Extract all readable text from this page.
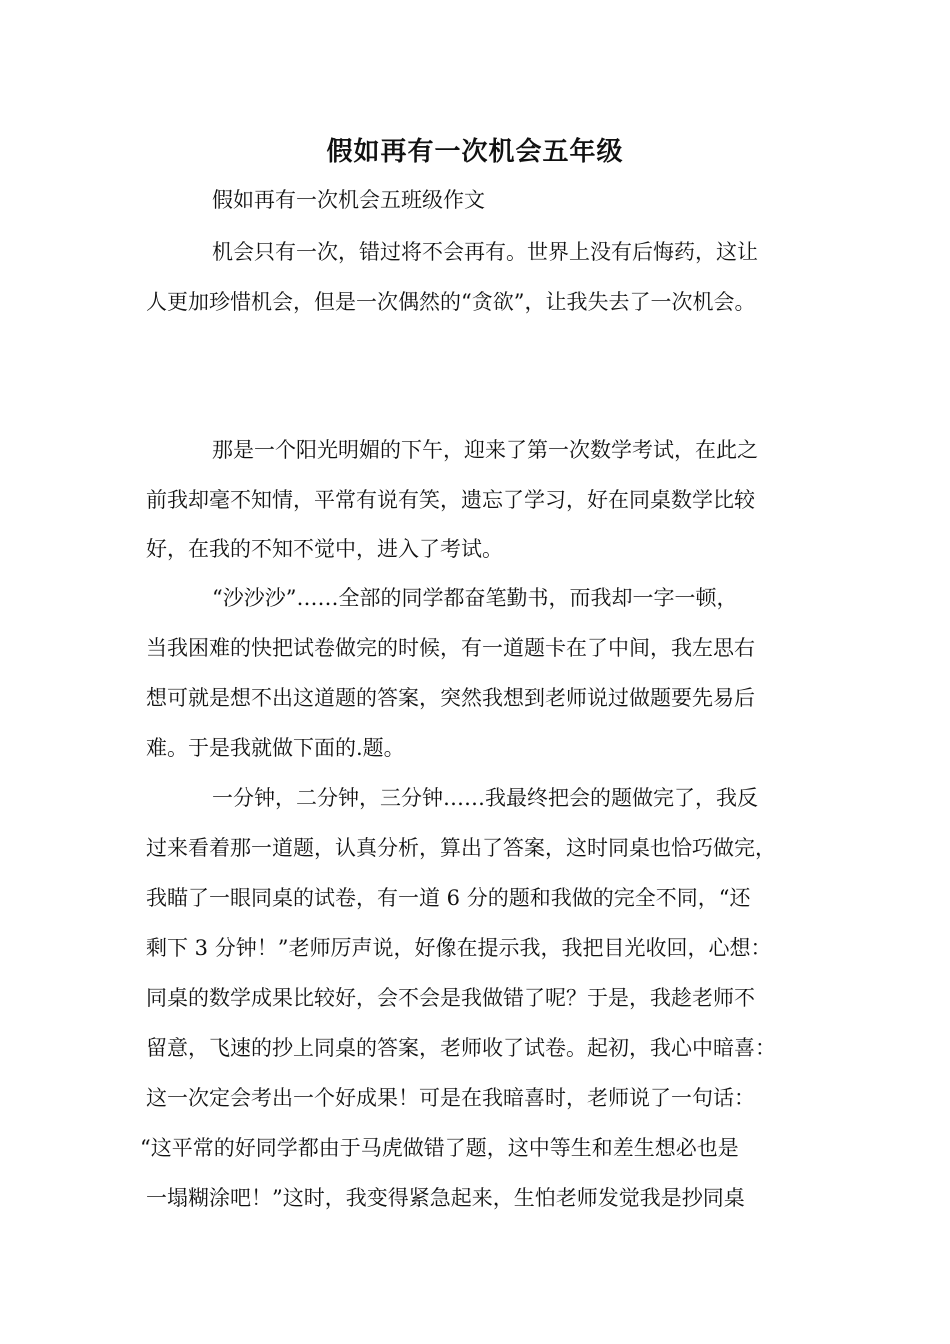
假如再有一次机会五年级
假如再有一次机会五班级作文
机会只有一次，错过将不会再有。世界上没有后悔药，这让
人更加珍惜机会，但是一次偶然的“贪欲”，让我失去了一次机会。
那是一个阳光明媚的下午，迎来了第一次数学考试，在此之
前我却毫不知情，平常有说有笑，遗忘了学习，好在同桌数学比较
好，在我的不知不觉中，进入了考试。
“沙沙沙”……全部的同学都奋笔勤书，而我却一字一顿，
当我困难的快把试卷做完的时候，有一道题卡在了中间，我左思右
想可就是想不出这道题的答案，突然我想到老师说过做题要先易后
难。于是我就做下面的.题。
一分钟，二分钟，三分钟……我最终把会的题做完了，我反
过来看着那一道题，认真分析，算出了答案，这时同桌也恰巧做完，
我瞄了一眼同桌的试卷，有一道 6 分的题和我做的完全不同，“还
剩下 3 分钟！”老师厉声说，好像在提示我，我把目光收回，心想：
同桌的数学成果比较好，会不会是我做错了呢？于是，我趁老师不
留意，飞速的抄上同桌的答案，老师收了试卷。起初，我心中暗喜：
这一次定会考出一个好成果！可是在我暗喜时，老师说了一句话：
“这平常的好同学都由于马虎做错了题，这中等生和差生想必也是
一塌糊涂吧！”这时，我变得紧急起来，生怕老师发觉我是抄同桌
